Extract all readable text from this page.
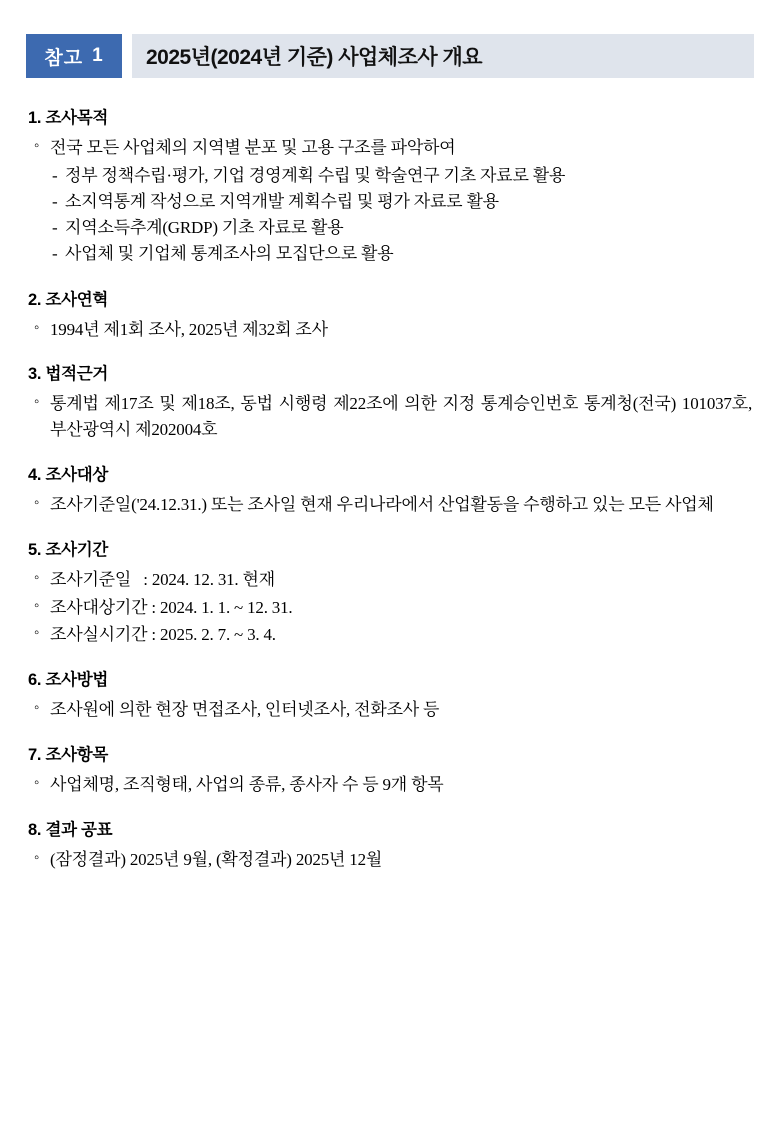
참고 1 2025년(2024년 기준) 사업체조사 개요
1. 조사목적
◦ 전국 모든 사업체의 지역별 분포 및 고용 구조를 파악하여
- 정부 정책수립·평가, 기업 경영계획 수립 및 학술연구 기초 자료로 활용
- 소지역통계 작성으로 지역개발 계획수립 및 평가 자료로 활용
- 지역소득추계(GRDP) 기초 자료로 활용
- 사업체 및 기업체 통계조사의 모집단으로 활용
2. 조사연혁
◦ 1994년 제1회 조사, 2025년 제32회 조사
3. 법적근거
◦ 통계법 제17조 및 제18조, 동법 시행령 제22조에 의한 지정 통계승인번호 통계청(전국) 101037호, 부산광역시 제202004호
4. 조사대상
◦ 조사기준일('24.12.31.) 또는 조사일 현재 우리나라에서 산업활동을 수행하고 있는 모든 사업체
5. 조사기간
◦ 조사기준일   : 2024. 12. 31. 현재
◦ 조사대상기간 : 2024. 1. 1. ~ 12. 31.
◦ 조사실시기간 : 2025. 2. 7. ~ 3. 4.
6. 조사방법
◦ 조사원에 의한 현장 면접조사, 인터넷조사, 전화조사 등
7. 조사항목
◦ 사업체명, 조직형태, 사업의 종류, 종사자 수 등 9개 항목
8. 결과 공표
◦ (잠정결과) 2025년 9월, (확정결과) 2025년 12월
